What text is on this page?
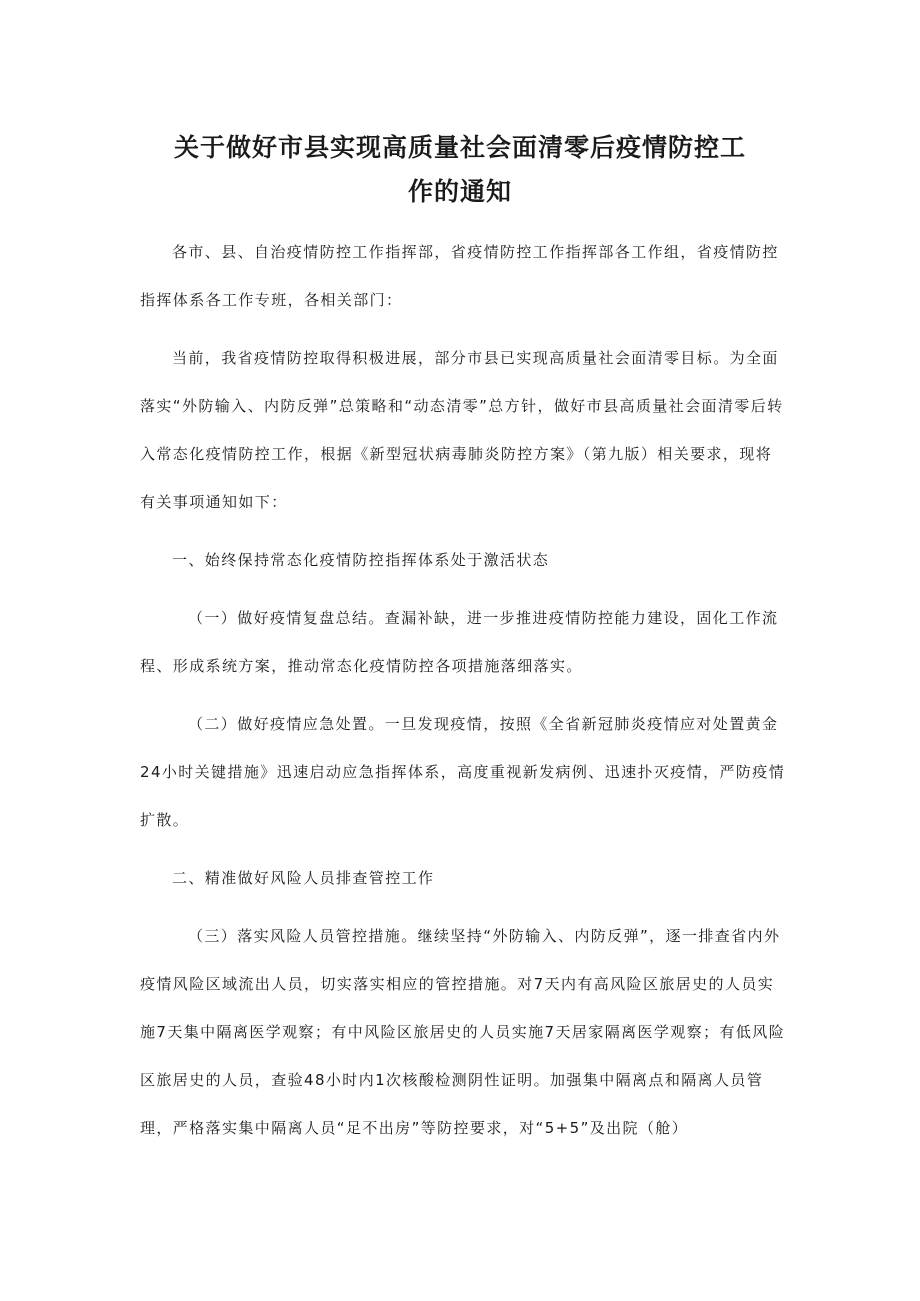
关于做好市县实现高质量社会面清零后疫情防控工
作的通知

各市、县、自治疫情防控工作指挥部，省疫情防控工作指挥部各工作组，省疫情防控指挥体系各工作专班，各相关部门：

当前，我省疫情防控取得积极进展，部分市县已实现高质量社会面清零目标。为全面落实“外防输入、内防反弹”总策略和“动态清零”总方针，做好市县高质量社会面清零后转入常态化疫情防控工作，根据《新型冠状病毒肺炎防控方案》（第九版）相关要求，现将有关事项通知如下：

一、始终保持常态化疫情防控指挥体系处于激活状态

（一）做好疫情复盘总结。查漏补缺，进一步推进疫情防控能力建设，固化工作流程、形成系统方案，推动常态化疫情防控各项措施落细落实。

（二）做好疫情应急处置。一旦发现疫情，按照《全省新冠肺炎疫情应对处置黄金24小时关键措施》迅速启动应急指挥体系，高度重视新发病例、迅速扑灭疫情，严防疫情扩散。

二、精准做好风险人员排查管控工作

（三）落实风险人员管控措施。继续坚持“外防输入、内防反弹”，逐一排查省内外疫情风险区域流出人员，切实落实相应的管控措施。对7天内有高风险区旅居史的人员实施7天集中隔离医学观察；有中风险区旅居史的人员实施7天居家隔离医学观察；有低风险区旅居史的人员，查验48小时内1次核酸检测阴性证明。加强集中隔离点和隔离人员管理，严格落实集中隔离人员“足不出房”等防控要求，对“5+5”及出院（舱）
